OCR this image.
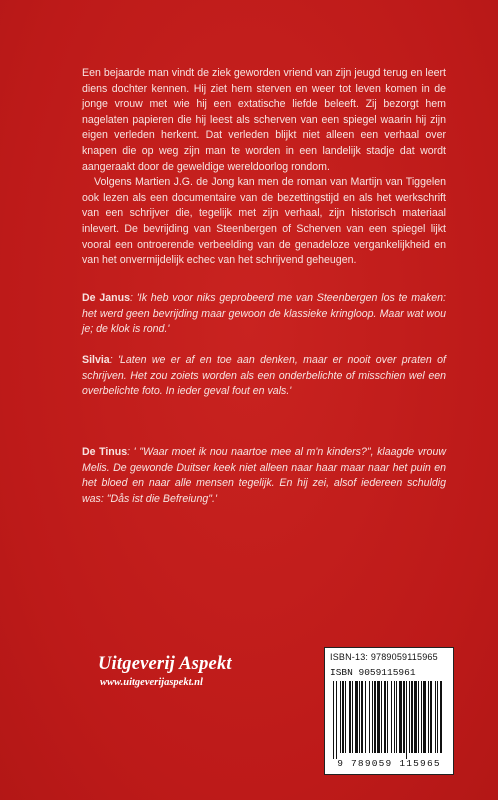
Een bejaarde man vindt de ziek geworden vriend van zijn jeugd terug en leert diens dochter kennen. Hij ziet hem sterven en weer tot leven komen in de jonge vrouw met wie hij een extatische liefde beleeft. Zij bezorgt hem nagelaten papieren die hij leest als scherven van een spiegel waarin hij zijn eigen verleden herkent. Dat verleden blijkt niet alleen een verhaal over knapen die op weg zijn man te worden in een landelijk stadje dat wordt aangeraakt door de geweldige wereldoorlog rondom.

Volgens Martien J.G. de Jong kan men de roman van Martijn van Tiggelen ook lezen als een documentaire van de bezettingstijd en als het werkschrift van een schrijver die, tegelijk met zijn verhaal, zijn historisch materiaal inlevert. De bevrijding van Steenbergen of Scherven van een spiegel lijkt vooral een ontroerende verbeelding van de genadeloze vergankelijkheid en van het onvermijdelijk echec van het schrijvend geheugen.

De Janus: 'Ik heb voor niks geprobeerd me van Steenbergen los te maken: het werd geen bevrijding maar gewoon de klassieke kringloop. Maar wat wou je; de klok is rond.'
Silvia: 'Laten we er af en toe aan denken, maar er nooit over praten of schrijven. Het zou zoiets worden als een onderbelichte of misschien wel een overbelichte foto. In ieder geval fout en vals.'
De Tinus: ' "Waar moet ik nou naartoe mee al m'n kinders?", klaagde vrouw Melis. De gewonde Duitser keek niet alleen naar haar maar naar het puin en het bloed en naar alle mensen tegelijk. En hij zei, alsof iedereen schuldig was: "Dås ist die Befreiung".'
Uitgeverij Aspekt
www.uitgeverijaspekt.nl
ISBN-13: 9789059115965
ISBN 9059115961
9 789059 115965
